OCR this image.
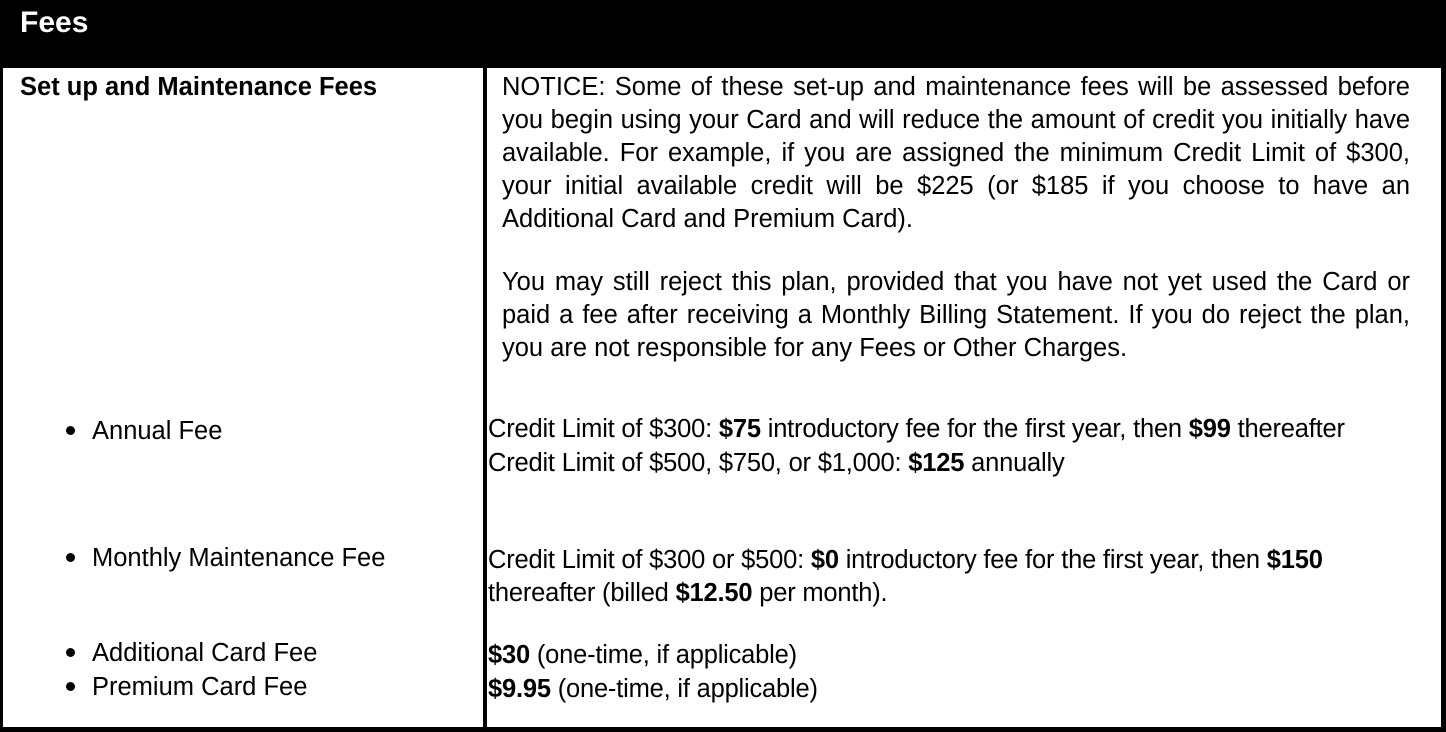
Fees
Set up and Maintenance Fees	NOTICE: Some of these set-up and maintenance fees will be assessed before you begin using your Card and will reduce the amount of credit you initially have available. For example, if you are assigned the minimum Credit Limit of $300, your initial available credit will be $225 (or $185 if you choose to have an Additional Card and Premium Card).

You may still reject this plan, provided that you have not yet used the Card or paid a fee after receiving a Monthly Billing Statement. If you do reject the plan, you are not responsible for any Fees or Other Charges.

Annual Fee	Credit Limit of $300: $75 introductory fee for the first year, then $99 thereafter
Credit Limit of $500, $750, or $1,000: $125 annually
Monthly Maintenance Fee	Credit Limit of $300 or $500: $0 introductory fee for the first year, then $150
thereafter (billed $12.50 per month).
Additional Card Fee	$30 (one-time, if applicable)
Premium Card Fee	$9.95 (one-time, if applicable)
